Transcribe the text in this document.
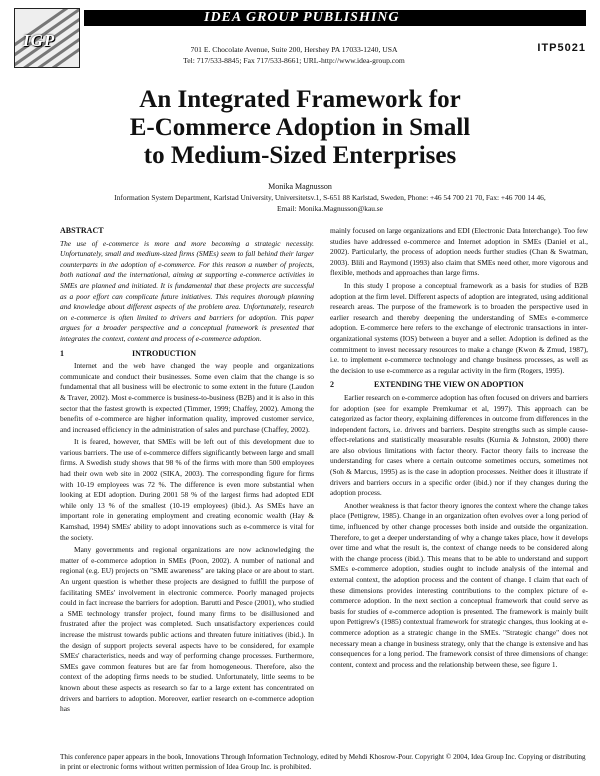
IGP
IDEA GROUP PUBLISHING
701 E. Chocolate Avenue, Suite 200, Hershey PA 17033-1240, USA
Tel: 717/533-8845; Fax 717/533-8661; URL-http://www.idea-group.com
ITP5021
An Integrated Framework for
E-Commerce Adoption in Small
to Medium-Sized Enterprises
Monika Magnusson
Information System Department, Karlstad University, Universitetsv.1, S-651 88 Karlstad, Sweden, Phone: +46 54 700 21 70, Fax: +46 700 14 46,
Email: Monika.Magnusson@kau.se
ABSTRACT

The use of e-commerce is more and more becoming a strategic necessity. Unfortunately, small and medium-sized firms (SMEs) seem to fall behind their larger counterparts in the adoption of e-commerce. For this reason a number of projects, both national and the international, aiming at supporting e-commerce activities in SMEs are planned and initiated. It is fundamental that these projects are successful as a poor effort can complicate future initiatives. This requires thorough planning and knowledge about different aspects of the problem area. Unfortunately, research on e-commerce is often limited to drivers and barriers for adoption. This paper argues for a broader perspective and a conceptual framework is presented that integrates the context, content and process of e-commerce adoption.

1	INTRODUCTION

Internet and the web have changed the way people and organizations communicate and conduct their businesses. Some even claim that the change is so fundamental that all business will be electronic to some extent in the future (Laudon & Traver, 2002). Most e-commerce is business-to-business (B2B) and it is also in this sector that the fastest growth is expected (Timmer, 1999; Chaffey, 2002). Among the benefits of e-commerce are higher information quality, improved customer service, and increased efficiency in the administration of sales and purchase (Chaffey, 2002).

It is feared, however, that SMEs will be left out of this development due to various barriers. The use of e-commerce differs significantly between large and small firms. A Swedish study shows that 98 % of the firms with more than 500 employees had their own web site in 2002 (SIKA, 2003). The corresponding figure for firms with 10-19 employees was 72 %. The difference is even more substantial when looking at EDI adoption. During 2001 58 % of the largest firms had adopted EDI while only 13 % of the smallest (10-19 employees) (ibid.). As SMEs have an important role in generating employment and creating economic wealth (Hay & Kamshad, 1994) SMEs' ability to adopt innovations such as e-commerce is vital for the society.

Many governments and regional organizations are now acknowledging the matter of e-commerce adoption in SMEs (Poon, 2002). A number of national and regional (e.g. EU) projects on "SME awareness" are taking place or are about to start. An urgent question is whether these projects are designed to fulfill the purpose of facilitating SMEs' involvement in electronic commerce. Poorly managed projects could in fact increase the barriers for adoption. Barutti and Pesce (2001), who studied a SME technology transfer project, found many firms to be disillusioned and frustrated after the project was completed. Such unsatisfactory experiences could increase the mistrust towards public actions and threaten future initiatives (ibid.). In the design of support projects several aspects have to be considered, for example SMEs' characteristics, needs and way of performing change processes. Furthermore, SMEs gave common features but are far from homogeneous. Therefore, also the context of the adopting firms needs to be studied. Unfortunately, little seems to be known about these aspects as research so far to a large extent has concentrated on drivers and barriers to adoption. Moreover, earlier research on e-commerce adoption has

mainly focused on large organizations and EDI (Electronic Data Interchange). Too few studies have addressed e-commerce and Internet adoption in SMEs (Daniel et al., 2002). Particularly, the process of adoption needs further studies (Chan & Swatman, 2003). Blili and Raymond (1993) also claim that SMEs need other, more vigorous and flexible, methods and approaches than large firms.

In this study I propose a conceptual framework as a basis for studies of B2B adoption at the firm level. Different aspects of adoption are integrated, using additional research areas. The purpose of the framework is to broaden the perspective used in earlier research and thereby deepening the understanding of SMEs e-commerce adoption. E-commerce here refers to the exchange of electronic transactions in inter-organizational systems (IOS) between a buyer and a seller. Adoption is defined as the commitment to invest necessary resources to make a change (Kwon & Zmud, 1987), i.e. to implement e-commerce technology and change business processes, as well as the decision to use e-commerce as a regular activity in the firm (Rogers, 1995).

2	EXTENDING THE VIEW ON ADOPTION

Earlier research on e-commerce adoption has often focused on drivers and barriers for adoption (see for example Premkumar et al, 1997). This approach can be categorized as factor theory, explaining differences in outcome from differences in the independent factors, i.e. drivers and barriers. Despite strengths such as simple cause-effect-relations and statistically measurable results (Kurnia & Johnston, 2000) there are also obvious limitations with factor theory. Factor theory fails to increase the understanding for cases where a certain outcome sometimes occurs, sometimes not (Soh & Marcus, 1995) as is the case in adoption processes. Neither does it illustrate if drivers and barriers occurs in a specific order (ibid.) nor if they changes during the adoption process.

Another weakness is that factor theory ignores the context where the change takes place (Pettigrew, 1985). Change in an organization often evolves over a long period of time, influenced by other change processes both inside and outside the organization. Therefore, to get a deeper understanding of why a change takes place, how it develops over time and what the result is, the context of change needs to be considered along with the change process (ibid.). This means that to be able to understand and support SMEs e-commerce adoption, studies ought to include analysis of the internal and external context, the adoption process and the content of change. I claim that each of these dimensions provides interesting contributions to the complex picture of e-commerce adoption. In the next section a conceptual framework that could serve as basis for studies of e-commerce adoption is presented. The framework is mainly built upon Pettigrew's (1985) contextual framework for strategic changes, thus looking at e-commerce adoption as a strategic change in the SMEs. "Strategic change" does not necessary mean a change in business strategy, only that the change is extensive and has consequences for a long period. The framework consist of three dimensions of change: content, context and process and the relationship between these, see figure 1.

This conference paper appears in the book, Innovations Through Information Technology, edited by Mehdi Khosrow-Pour. Copyright © 2004, Idea Group Inc. Copying or distributing in print or electronic forms without written permission of Idea Group Inc. is prohibited.
